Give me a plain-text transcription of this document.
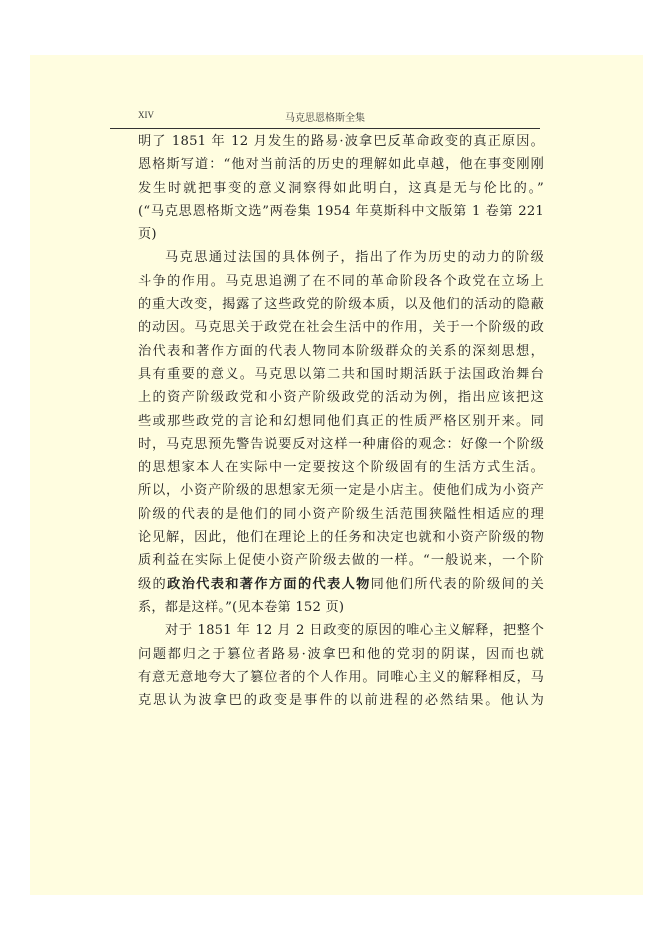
XIV	马克思恩格斯全集
明了 1851 年 12 月发生的路易·波拿巴反革命政变的真正原因。
恩格斯写道：“他对当前活的历史的理解如此卓越，他在事变刚刚
发生时就把事变的意义洞察得如此明白，这真是无与伦比的。”
(“马克思恩格斯文选”两卷集 1954 年莫斯科中文版第 1 卷第 221
页)
马克思通过法国的具体例子，指出了作为历史的动力的阶级
斗争的作用。马克思追溯了在不同的革命阶段各个政党在立场上
的重大改变，揭露了这些政党的阶级本质，以及他们的活动的隐蔽
的动因。马克思关于政党在社会生活中的作用，关于一个阶级的政
治代表和著作方面的代表人物同本阶级群众的关系的深刻思想，
具有重要的意义。马克思以第二共和国时期活跃于法国政治舞台
上的资产阶级政党和小资产阶级政党的活动为例，指出应该把这
些或那些政党的言论和幻想同他们真正的性质严格区别开来。同
时，马克思预先警告说要反对这样一种庸俗的观念：好像一个阶级
的思想家本人在实际中一定要按这个阶级固有的生活方式生活。
所以，小资产阶级的思想家无须一定是小店主。使他们成为小资产
阶级的代表的是他们的同小资产阶级生活范围狭隘性相适应的理
论见解，因此，他们在理论上的任务和决定也就和小资产阶级的物
质利益在实际上促使小资产阶级去做的一样。“一般说来，一个阶
级的政治代表和著作方面的代表人物同他们所代表的阶级间的关
系，都是这样。”(见本卷第 152 页)
对于 1851 年 12 月 2 日政变的原因的唯心主义解释，把整个
问题都归之于篡位者路易·波拿巴和他的党羽的阴谋，因而也就
有意无意地夸大了篡位者的个人作用。同唯心主义的解释相反，马
克思认为波拿巴的政变是事件的以前进程的必然结果。他认为
